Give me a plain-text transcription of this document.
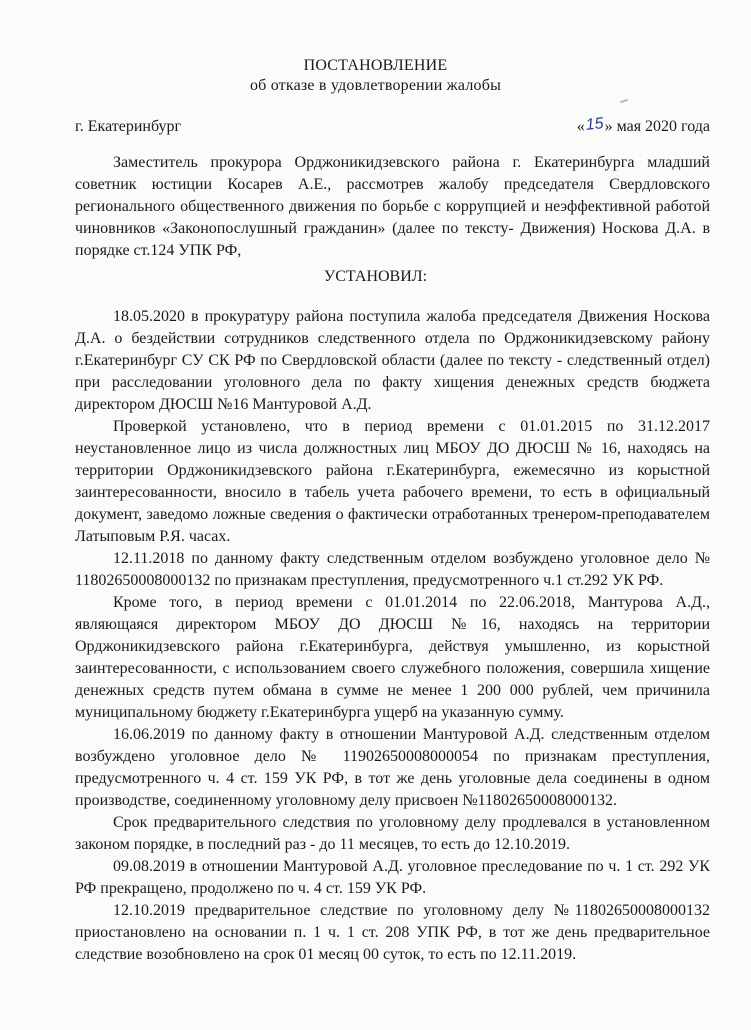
ПОСТАНОВЛЕНИЕ
об отказе в удовлетворении жалобы
г. Екатеринбург	«15» мая 2020 года

Заместитель прокурора Орджоникидзевского района г. Екатеринбурга младший советник юстиции Косарев А.Е., рассмотрев жалобу председателя Свердловского регионального общественного движения по борьбе с коррупцией и неэффективной работой чиновников «Законопослушный гражданин» (далее по тексту- Движения) Носкова Д.А. в порядке ст.124 УПК РФ,

УСТАНОВИЛ:

18.05.2020 в прокуратуру района поступила жалоба председателя Движения Носкова Д.А. о бездействии сотрудников следственного отдела по Орджоникидзевскому району г.Екатеринбург СУ СК РФ по Свердловской области (далее по тексту - следственный отдел) при расследовании уголовного дела по факту хищения денежных средств бюджета директором ДЮСШ №16 Мантуровой А.Д.

Проверкой установлено, что в период времени с 01.01.2015 по 31.12.2017 неустановленное лицо из числа должностных лиц МБОУ ДО ДЮСШ № 16, находясь на территории Орджоникидзевского района г.Екатеринбурга, ежемесячно из корыстной заинтересованности, вносило в табель учета рабочего времени, то есть в официальный документ, заведомо ложные сведения о фактически отработанных тренером-преподавателем Латыповым Р.Я. часах.

12.11.2018 по данному факту следственным отделом возбуждено уголовное дело № 11802650008000132 по признакам преступления, предусмотренного ч.1 ст.292 УК РФ.

Кроме того, в период времени с 01.01.2014 по 22.06.2018, Мантурова А.Д., являющаяся директором МБОУ ДО ДЮСШ №16, находясь на территории Орджоникидзевского района г.Екатеринбурга, действуя умышленно, из корыстной заинтересованности, с использованием своего служебного положения, совершила хищение денежных средств путем обмана в сумме не менее 1 200 000 рублей, чем причинила муниципальному бюджету г.Екатеринбурга ущерб на указанную сумму.

16.06.2019 по данному факту в отношении Мантуровой А.Д. следственным отделом возбуждено уголовное дело № 11902650008000054 по признакам преступления, предусмотренного ч. 4 ст. 159 УК РФ, в тот же день уголовные дела соединены в одном производстве, соединенному уголовному делу присвоен №11802650008000132.

Срок предварительного следствия по уголовному делу продлевался в установленном законом порядке, в последний раз - до 11 месяцев, то есть до 12.10.2019.

09.08.2019 в отношении Мантуровой А.Д. уголовное преследование по ч. 1 ст. 292 УК РФ прекращено, продолжено по ч. 4 ст. 159 УК РФ.

12.10.2019 предварительное следствие по уголовному делу №11802650008000132 приостановлено на основании п. 1 ч. 1 ст. 208 УПК РФ, в тот же день предварительное следствие возобновлено на срок 01 месяц 00 суток, то есть по 12.11.2019.
